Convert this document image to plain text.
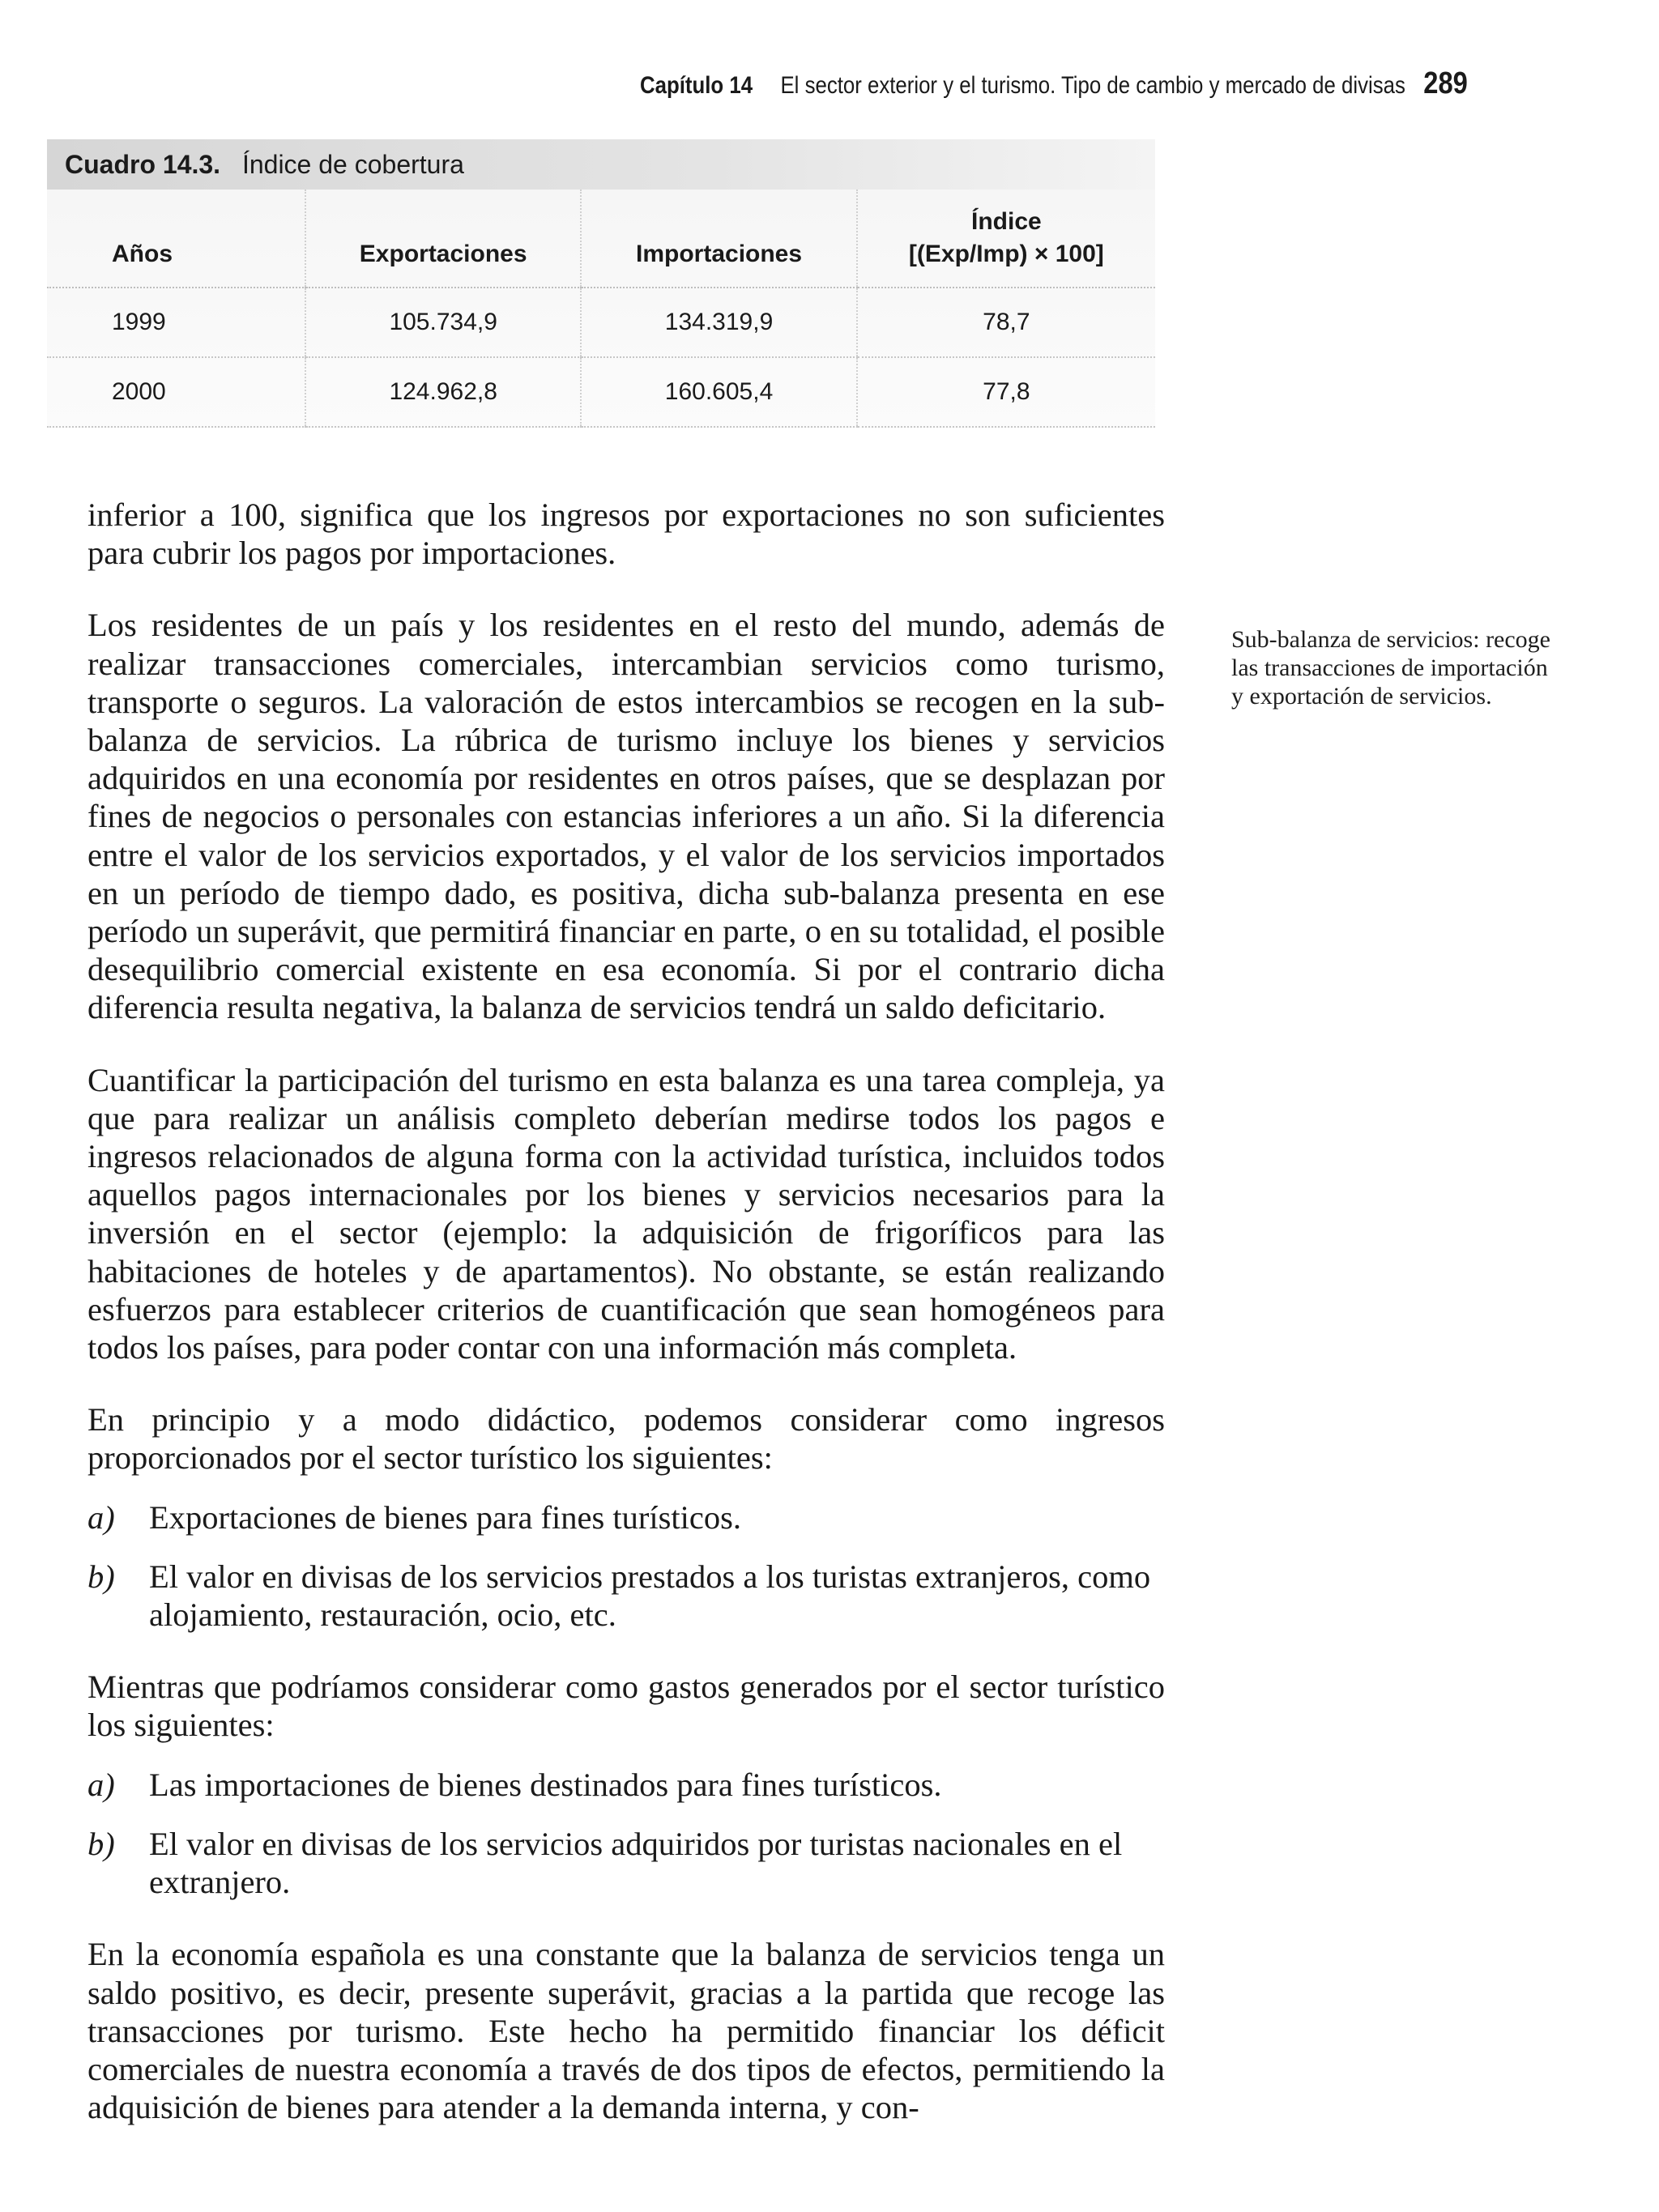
Capítulo 14 El sector exterior y el turismo. Tipo de cambio y mercado de divisas 289
Cuadro 14.3. Índice de cobertura
Años	Exportaciones	Importaciones	Índice
[(Exp/Imp) × 100]
1999	105.734,9	134.319,9	78,7
2000	124.962,8	160.605,4	77,8

inferior a 100, significa que los ingresos por exportaciones no son suficientes para cubrir los pagos por importaciones.

Los residentes de un país y los residentes en el resto del mundo, además de realizar transacciones comerciales, intercambian servicios como turismo, transporte o seguros. La valoración de estos intercambios se recogen en la sub-balanza de servicios. La rúbrica de turismo incluye los bienes y servicios adquiridos en una economía por residentes en otros países, que se desplazan por fines de negocios o personales con estancias inferiores a un año. Si la diferencia entre el valor de los servicios exportados, y el valor de los servicios importados en un período de tiempo dado, es positiva, dicha sub-balanza presenta en ese período un superávit, que permitirá financiar en parte, o en su totalidad, el posible desequilibrio comercial existente en esa economía. Si por el contrario dicha diferencia resulta negativa, la balanza de servicios tendrá un saldo deficitario.

Cuantificar la participación del turismo en esta balanza es una tarea compleja, ya que para realizar un análisis completo deberían medirse todos los pagos e ingresos relacionados de alguna forma con la actividad turística, incluidos todos aquellos pagos internacionales por los bienes y servicios necesarios para la inversión en el sector (ejemplo: la adquisición de frigoríficos para las habitaciones de hoteles y de apartamentos). No obstante, se están realizando esfuerzos para establecer criterios de cuantificación que sean homogéneos para todos los países, para poder contar con una información más completa.

En principio y a modo didáctico, podemos considerar como ingresos proporcionados por el sector turístico los siguientes:

a)	Exportaciones de bienes para fines turísticos.
b)	El valor en divisas de los servicios prestados a los turistas extranjeros, como alojamiento, restauración, ocio, etc.

Mientras que podríamos considerar como gastos generados por el sector turístico los siguientes:

a)	Las importaciones de bienes destinados para fines turísticos.
b)	El valor en divisas de los servicios adquiridos por turistas nacionales en el extranjero.

En la economía española es una constante que la balanza de servicios tenga un saldo positivo, es decir, presente superávit, gracias a la partida que recoge las transacciones por turismo. Este hecho ha permitido financiar los déficit comerciales de nuestra economía a través de dos tipos de efectos, permitiendo la adquisición de bienes para atender a la demanda interna, y con-

Sub-balanza de servicios: recoge las transacciones de importación y exportación de servicios.
